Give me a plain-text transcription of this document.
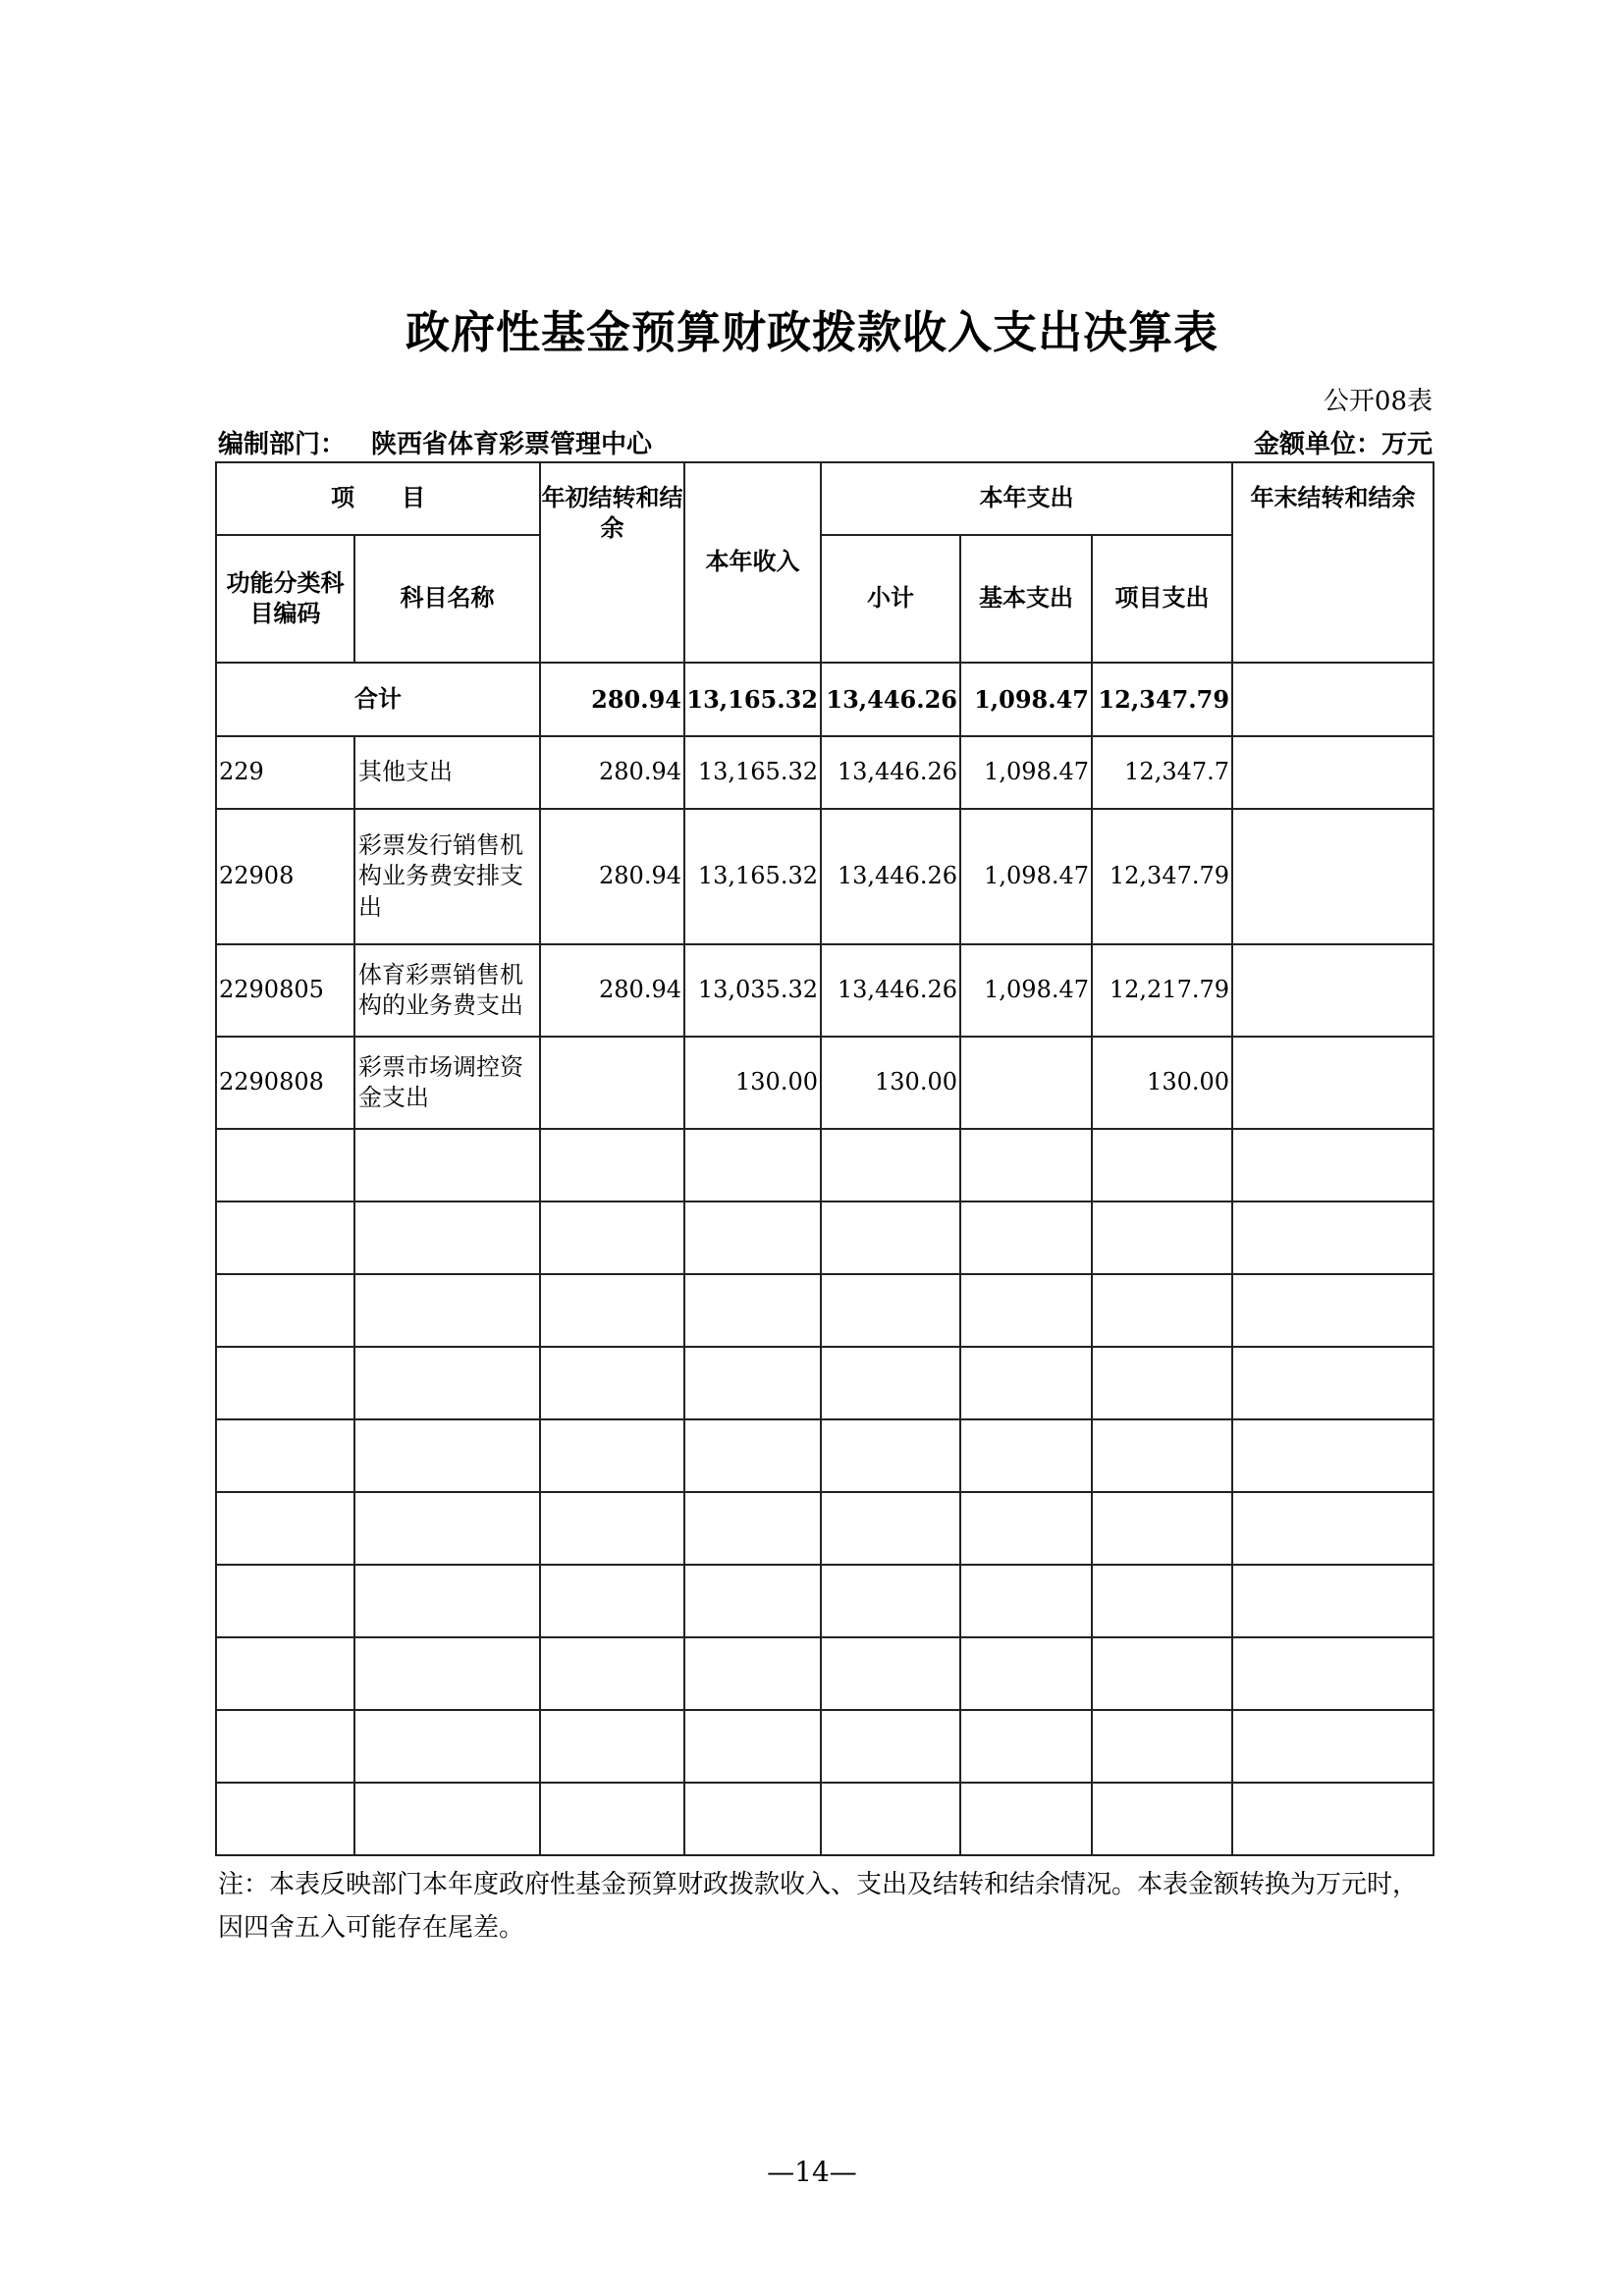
政府性基金预算财政拨款收入支出决算表
公开08表
编制部门： 陕西省体育彩票管理中心	金额单位：万元
项　　目		年初结转和结余	本年收入	本年支出			年末结转和结余
功能分类科目编码	科目名称			小计	基本支出	项目支出	
合计		280.94	13,165.32	13,446.26	1,098.47	12,347.79	
229	其他支出	280.94	13,165.32	13,446.26	1,098.47	12,347.7	
22908	彩票发行销售机构业务费安排支出	280.94	13,165.32	13,446.26	1,098.47	12,347.79	
2290805	体育彩票销售机构的业务费支出	280.94	13,035.32	13,446.26	1,098.47	12,217.79	
2290808	彩票市场调控资金支出		130.00	130.00		130.00	

注：本表反映部门本年度政府性基金预算财政拨款收入、支出及结转和结余情况。本表金额转换为万元时，因四舍五入可能存在尾差。
—14—
